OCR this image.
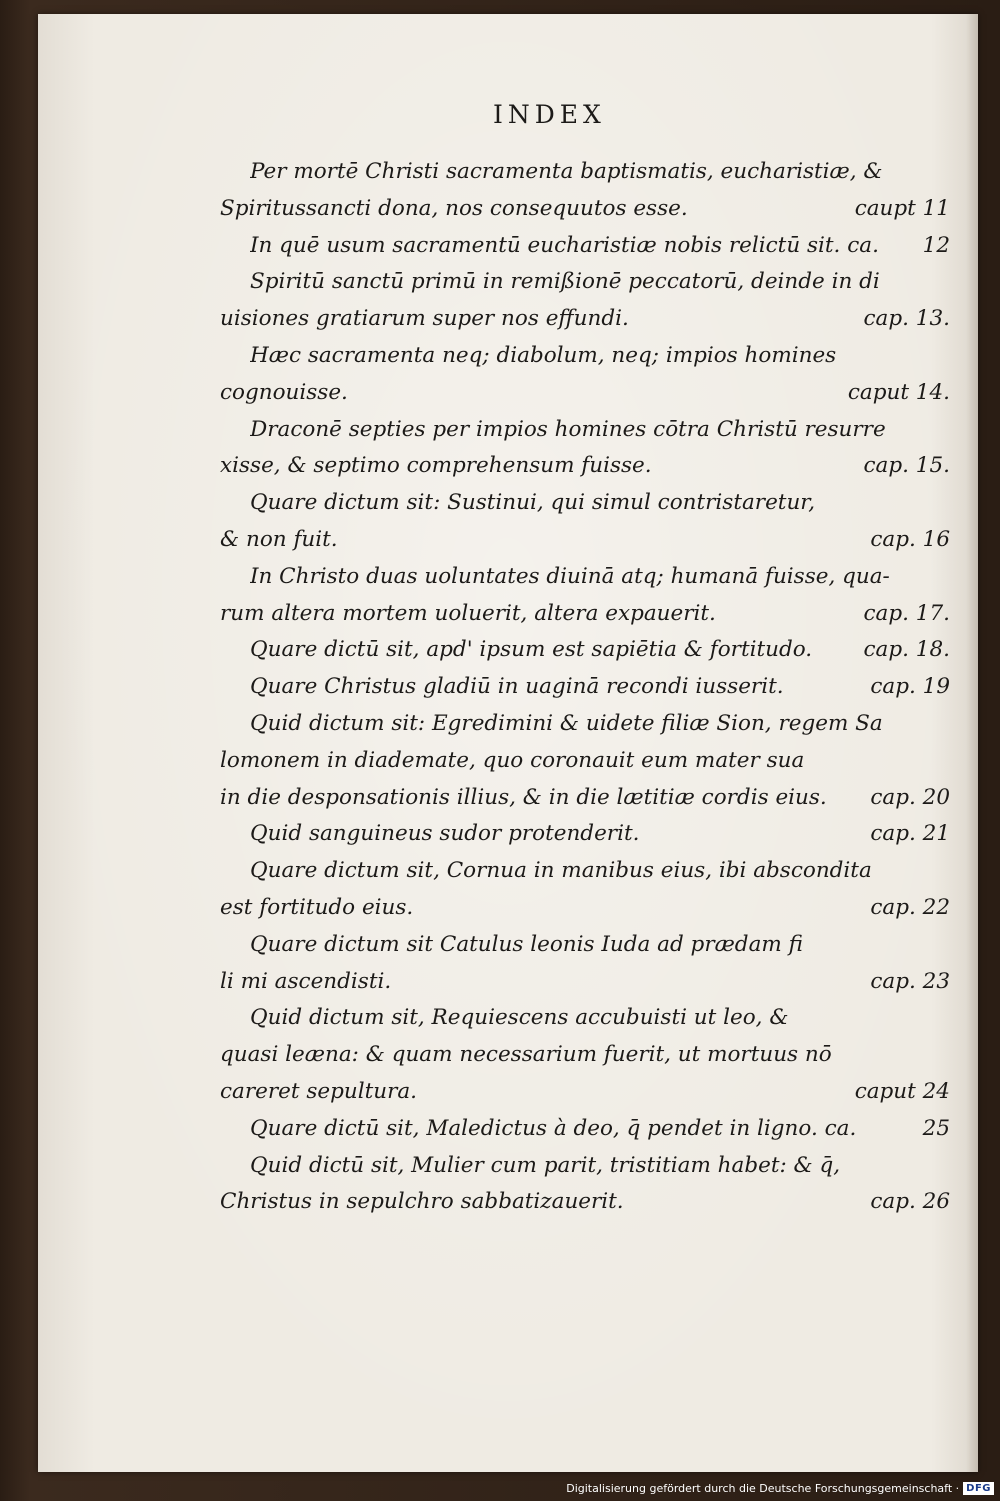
INDEX
Per mortē Christi sacramenta baptismatis, eucharistiæ, &
Spiritussancti dona, nos consequutos esse.	caupt 11
In quē usum sacramentū eucharistiæ nobis relictū sit. ca.	12
Spiritū sanctū primū in remißionē peccatorū, deinde in di
uisiones gratiarum super nos effundi.	cap. 13.
Hæc sacramenta neq; diabolum, neq; impios homines
cognouisse.	caput 14.
Draconē septies per impios homines cōtra Christū resurre
xisse, & septimo comprehensum fuisse.	cap. 15.
Quare dictum sit: Sustinui, qui simul contristaretur,
& non fuit.	cap. 16
In Christo duas uoluntates diuinā atq; humanā fuisse, qua-
rum altera mortem uoluerit, altera expauerit.	cap. 17.
Quare dictū sit, apd' ipsum est sapiētia & fortitudo.	cap. 18.
Quare Christus gladiū in uaginā recondi iusserit.	cap. 19
Quid dictum sit: Egredimini & uidete filiæ Sion, regem Sa
lomonem in diademate, quo coronauit eum mater sua
in die desponsationis illius, & in die lætitiæ cordis eius.	cap. 20
Quid sanguineus sudor protenderit.	cap. 21
Quare dictum sit, Cornua in manibus eius, ibi abscondita
est fortitudo eius.	cap. 22
Quare dictum sit Catulus leonis Iuda ad prædam fi
li mi ascendisti.	cap. 23
Quid dictum sit, Requiescens accubuisti ut leo, &
quasi leæna: & quam necessarium fuerit, ut mortuus nō
careret sepultura.	caput 24
Quare dictū sit, Maledictus à deo, q̄ pendet in ligno. ca.	25
Quid dictū sit, Mulier cum parit, tristitiam habet: & q̄,
Christus in sepulchro sabbatizauerit.	cap. 26
Digitalisierung gefördert durch die Deutsche Forschungsgemeinschaft · DFG
